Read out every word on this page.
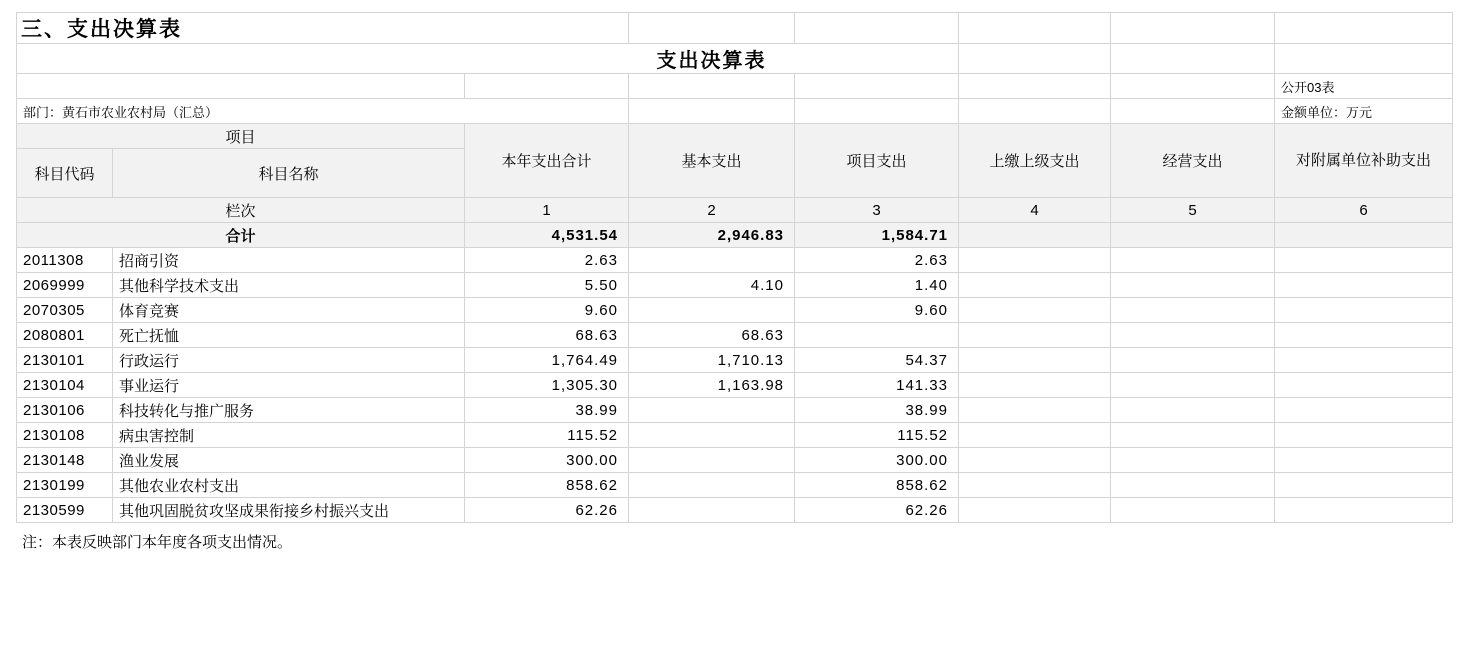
三、支出决算表							
			支出决算表				
							公开03表
部门：黄石市农业农村局（汇总）							金额单位：万元
项目		本年支出合计	基本支出	项目支出	上缴上级支出	经营支出	对附属单位补助支出
科目代码	科目名称						
栏次		1	2	3	4	5	6
合计		4,531.54	2,946.83	1,584.71			
2011308	招商引资	2.63		2.63			
2069999	其他科学技术支出	5.50	4.10	1.40			
2070305	体育竞赛	9.60		9.60			
2080801	死亡抚恤	68.63	68.63				
2130101	行政运行	1,764.49	1,710.13	54.37			
2130104	事业运行	1,305.30	1,163.98	141.33			
2130106	科技转化与推广服务	38.99		38.99			
2130108	病虫害控制	115.52		115.52			
2130148	渔业发展	300.00		300.00			
2130199	其他农业农村支出	858.62		858.62			
2130599	其他巩固脱贫攻坚成果衔接乡村振兴支出	62.26		62.26			
注：本表反映部门本年度各项支出情况。
